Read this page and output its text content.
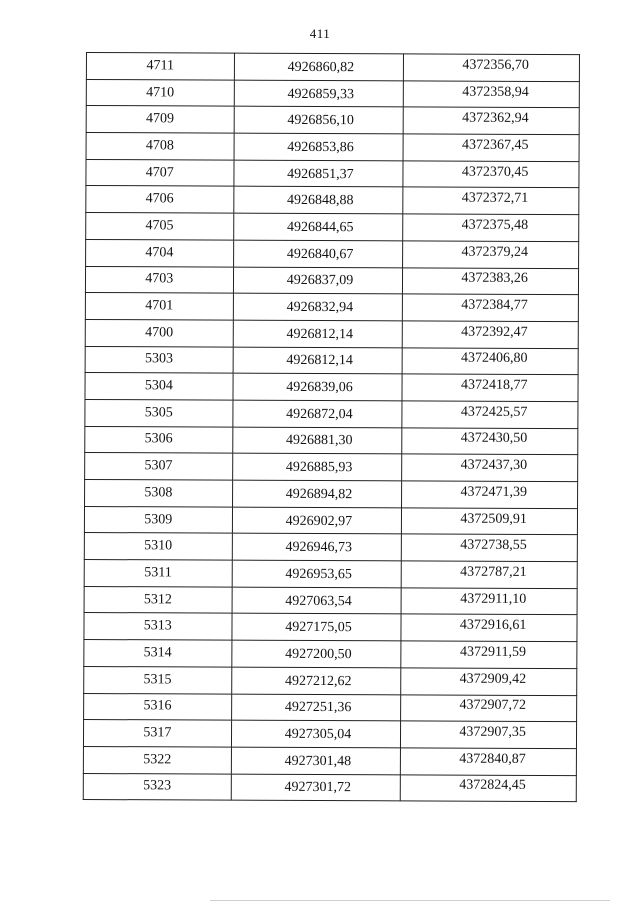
411
4711	4926860,82	4372356,70
4710	4926859,33	4372358,94
4709	4926856,10	4372362,94
4708	4926853,86	4372367,45
4707	4926851,37	4372370,45
4706	4926848,88	4372372,71
4705	4926844,65	4372375,48
4704	4926840,67	4372379,24
4703	4926837,09	4372383,26
4701	4926832,94	4372384,77
4700	4926812,14	4372392,47
5303	4926812,14	4372406,80
5304	4926839,06	4372418,77
5305	4926872,04	4372425,57
5306	4926881,30	4372430,50
5307	4926885,93	4372437,30
5308	4926894,82	4372471,39
5309	4926902,97	4372509,91
5310	4926946,73	4372738,55
5311	4926953,65	4372787,21
5312	4927063,54	4372911,10
5313	4927175,05	4372916,61
5314	4927200,50	4372911,59
5315	4927212,62	4372909,42
5316	4927251,36	4372907,72
5317	4927305,04	4372907,35
5322	4927301,48	4372840,87
5323	4927301,72	4372824,45
